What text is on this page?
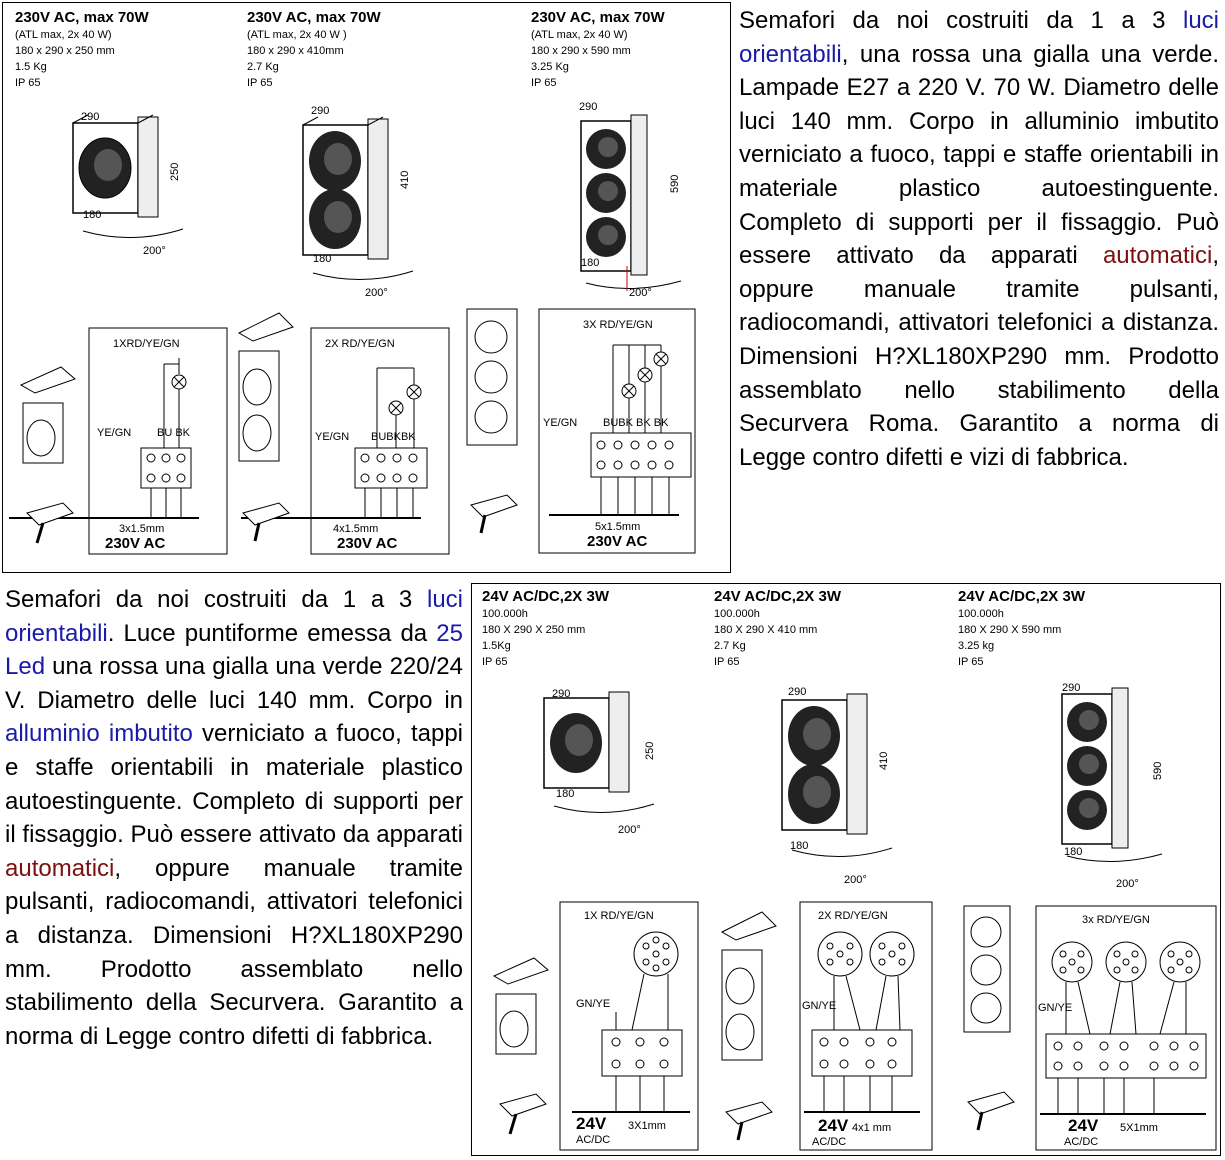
230V AC, max 70W
(ATL max, 2x 40 W)
180 x 290 x 250 mm
1.5 Kg
IP 65
230V AC, max 70W
(ATL max, 2x 40 W )
180 x 290 x 410mm
2.7 Kg
IP 65
230V AC, max 70W
(ATL max, 2x 40 W)
180 x 290 x 590 mm
3.25 Kg
IP 65
290
250
180
200°
290
410
180
200°
290
590
180
200°
1XRD/YE/GN
YE/GN BU BK
3x1.5mm
230V AC
2X RD/YE/GN
YE/GN BUBKBK
4x1.5mm
230V AC
3X RD/YE/GN
YE/GN BUBK BK BK
5x1.5mm
230V AC
Semafori da noi costruiti da 1 a 3 luci orientabili, una rossa una gialla una verde. Lampade E27 a 220 V. 70 W. Diametro delle luci 140 mm. Corpo in alluminio imbutito verniciato a fuoco, tappi e staffe orientabili in materiale plastico autoestinguente. Completo di supporti per il fissaggio. Può essere attivato da apparati automatici, oppure manuale tramite pulsanti, radiocomandi, attivatori telefonici a distanza. Dimensioni H?XL180XP290 mm. Prodotto assemblato nello stabilimento della Securvera Roma. Garantito a norma di Legge contro difetti e vizi di fabbrica.
24V AC/DC,2X 3W
100.000h
180 X 290 X 250 mm
1.5Kg
IP 65
24V AC/DC,2X 3W
100.000h
180 X 290 X 410 mm
2.7 Kg
IP 65
24V AC/DC,2X 3W
100.000h
180 X 290 X 590 mm
3.25 kg
IP 65
290
250
180
200°
290
410
180
200°
290
590
180
200°
1X RD/YE/GN
GN/YE
3X1mm
24V
AC/DC
2X RD/YE/GN
GN/YE
4x1 mm
24V
AC/DC
3x RD/YE/GN
GN/YE
5X1mm
24V
AC/DC
Semafori da noi costruiti da 1 a 3 luci orientabili. Luce puntiforme emessa da 25 Led una rossa una gialla una verde 220/24 V. Diametro delle luci 140 mm. Corpo in alluminio imbutito verniciato a fuoco, tappi e staffe orientabili in materiale plastico autoestinguente. Completo di supporti per il fissaggio. Può essere attivato da apparati automatici, oppure manuale tramite pulsanti, radiocomandi, attivatori telefonici a distanza. Dimensioni H?XL180XP290 mm. Prodotto assemblato nello stabilimento della Securvera. Garantito a norma di Legge contro difetti di fabbrica.
